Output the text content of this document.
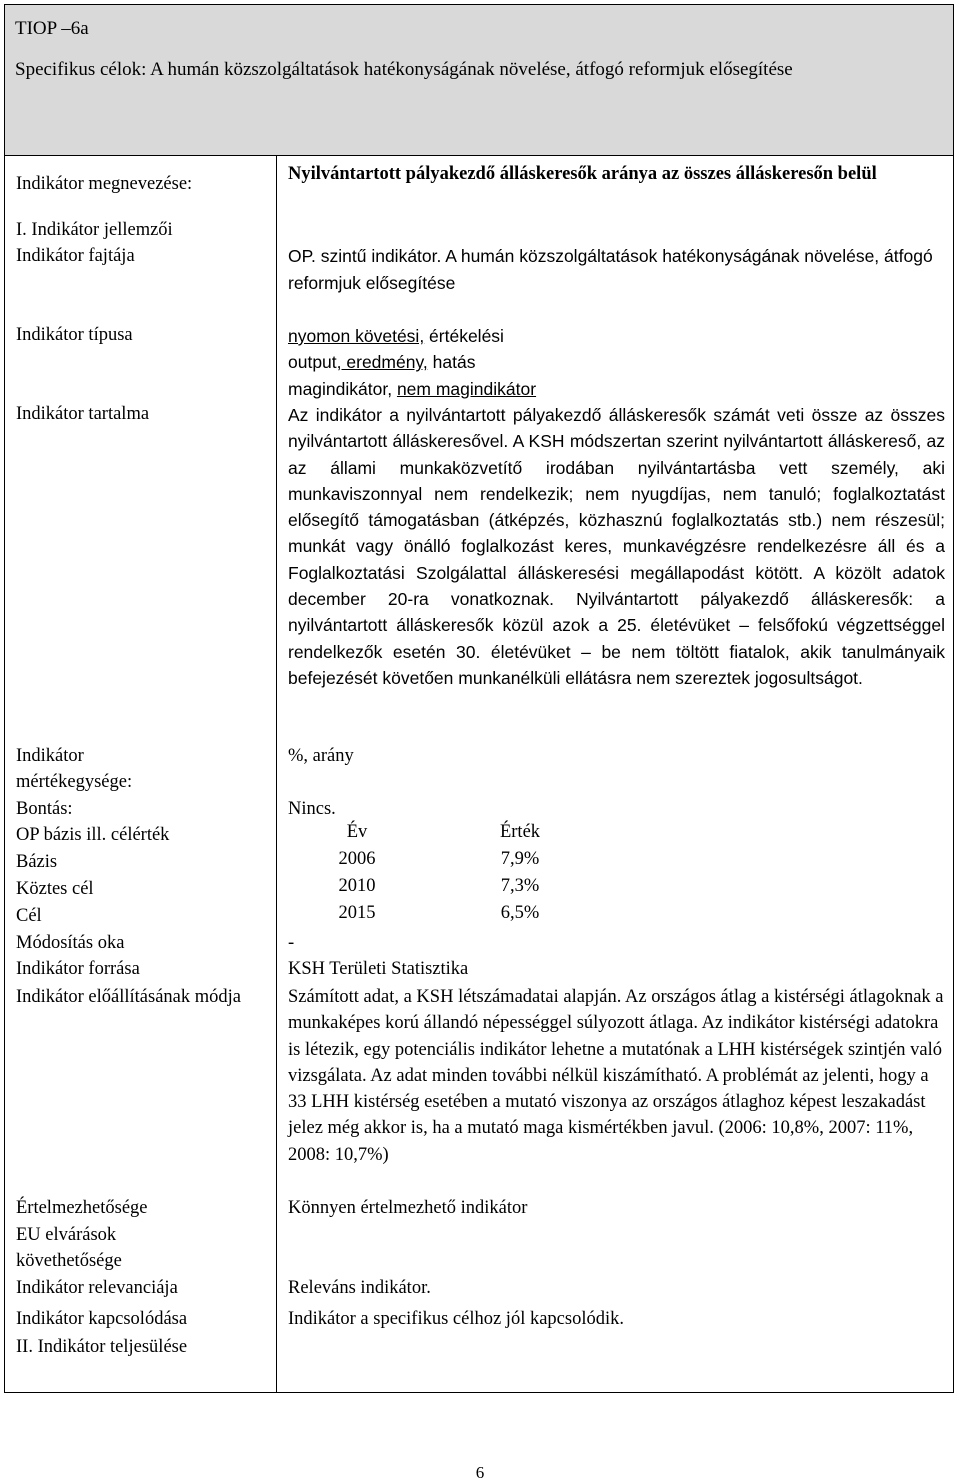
TIOP –6a
Specifikus célok: A humán közszolgáltatások hatékonyságának növelése, átfogó reformjuk elősegítése
Indikátor megnevezése:	Nyilvántartott pályakezdő álláskeresők aránya az összes álláskeresőn belül
I. Indikátor jellemzői
Indikátor fajtája	OP. szintű indikátor. A humán közszolgáltatások hatékonyságának növelése, átfogó reformjuk elősegítése
Indikátor típusa	nyomon követési, értékelési
output, eredmény, hatás
magindikátor, nem magindikátor
Indikátor tartalma	Az indikátor a nyilvántartott pályakezdő álláskeresők számát veti össze az összes nyilvántartott álláskeresővel. A KSH módszertan szerint nyilvántartott álláskereső, az az állami munkaközvetítő irodában nyilvántartásba vett személy, aki munkaviszonnyal nem rendelkezik; nem nyugdíjas, nem tanuló; foglalkoztatást elősegítő támogatásban (átképzés, közhasznú foglalkoztatás stb.) nem részesül; munkát vagy önálló foglalkozást keres, munkavégzésre rendelkezésre áll és a Foglalkoztatási Szolgálattal álláskeresési megállapodást kötött. A közölt adatok december 20-ra vonatkoznak. Nyilvántartott pályakezdő álláskeresők: a nyilvántartott álláskeresők közül azok a 25. életévüket – felsőfokú végzettséggel rendelkezők esetén 30. életévüket – be nem töltött fiatalok, akik tanulmányaik befejezését követően munkanélküli ellátásra nem szereztek jogosultságot.
Indikátor mértékegysége:
%, arány
Bontás:	Nincs.
OP bázis ill. célérték	Év	Érték
Bázis	2006	7,9%
Köztes cél	2010	7,3%
Cél	2015	6,5%
Módosítás oka	-
Indikátor forrása	KSH Területi Statisztika
Indikátor előállításának módja	Számított adat, a KSH létszámadatai alapján. Az országos átlag a kistérségi átlagoknak a munkaképes korú állandó népességgel súlyozott átlaga. Az indikátor kistérségi adatokra is létezik, egy potenciális indikátor lehetne a mutatónak a LHH kistérségek szintjén való vizsgálata. Az adat minden további nélkül kiszámítható. A problémát az jelenti, hogy a 33 LHH kistérség esetében a mutató viszonya az országos átlaghoz képest leszakadást jelez még akkor is, ha a mutató maga kismértékben javul. (2006: 10,8%, 2007: 11%, 2008: 10,7%)
Értelmezhetősége	Könnyen értelmezhető indikátor
EU elvárások követhetősége
Indikátor relevanciája	Releváns indikátor.
Indikátor kapcsolódása	Indikátor a specifikus célhoz jól kapcsolódik.
II. Indikátor teljesülése
6
